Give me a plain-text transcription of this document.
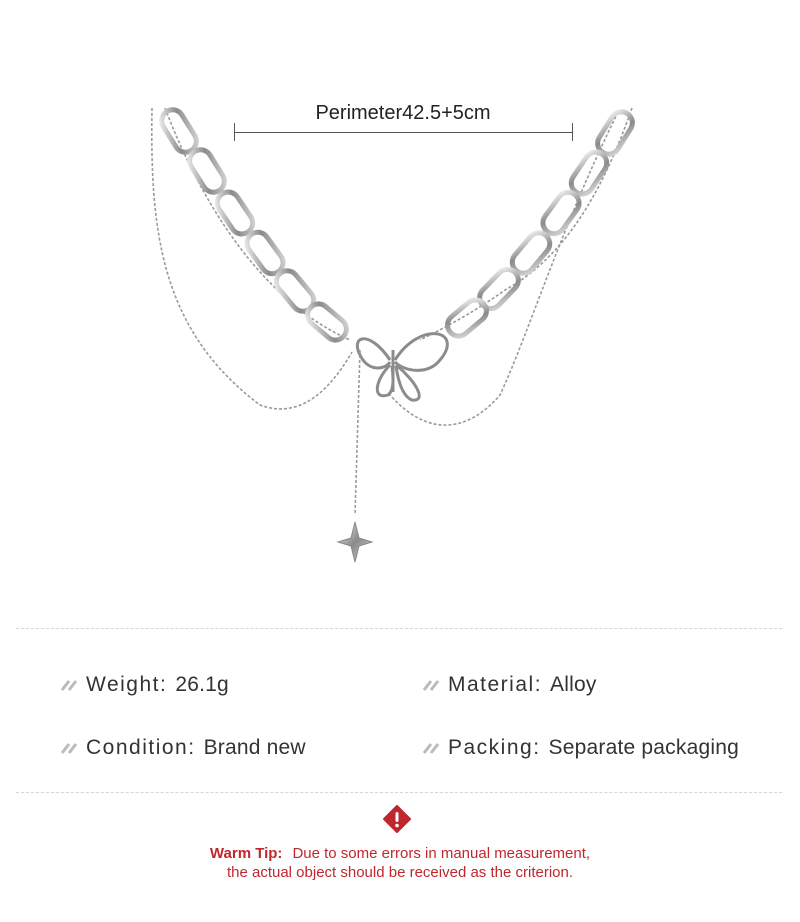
Perimeter42.5+5cm
Weight: 26.1g	Material: Alloy
Condition: Brand new	Packing: Separate packaging
Warm Tip: Due to some errors in manual measurement,
the actual object should be received as the criterion.
